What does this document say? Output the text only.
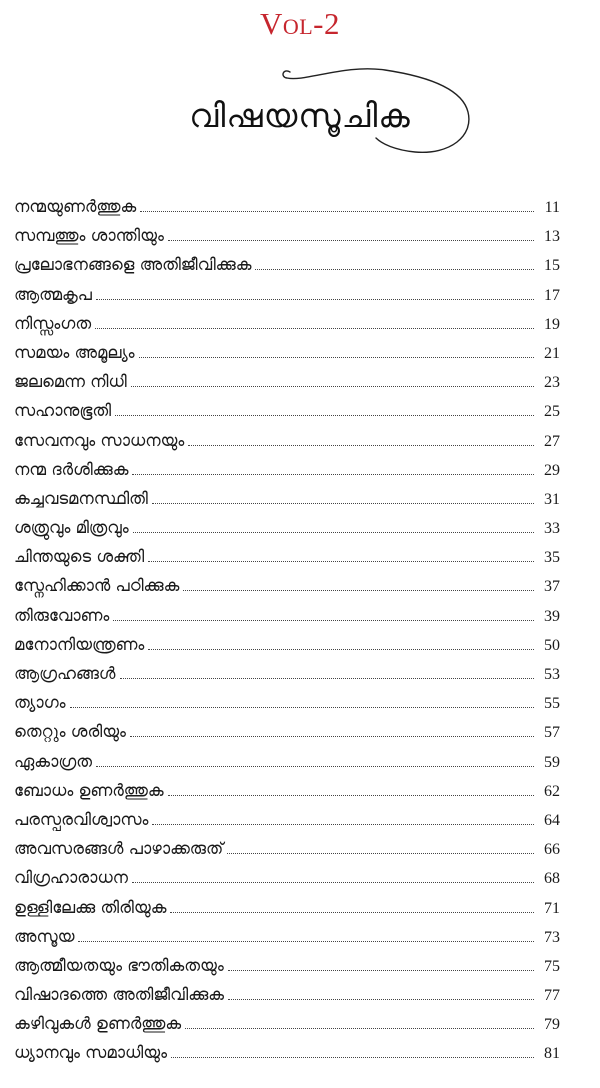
Vol-2
വിഷയസൂചിക
നന്മയുണർത്തുക	11
സമ്പത്തും ശാന്തിയും	13
പ്രലോഭനങ്ങളെ അതിജീവിക്കുക	15
ആത്മകൃപ	17
നിസ്സംഗത	19
സമയം അമൂല്യം	21
ജലമെന്ന നിധി	23
സഹാനുഭൂതി	25
സേവനവും സാധനയും	27
നന്മ ദർശിക്കുക	29
കച്ചവടമനസ്ഥിതി	31
ശത്രുവും മിത്രവും	33
ചിന്തയുടെ ശക്തി	35
സ്നേഹിക്കാൻ പഠിക്കുക	37
തിരുവോണം	39
മനോനിയന്ത്രണം	50
ആഗ്രഹങ്ങൾ	53
ത്യാഗം	55
തെറ്റും ശരിയും	57
ഏകാഗ്രത	59
ബോധം ഉണർത്തുക	62
പരസ്പരവിശ്വാസം	64
അവസരങ്ങൾ പാഴാക്കരുത്	66
വിഗ്രഹാരാധന	68
ഉള്ളിലേക്കു തിരിയുക	71
അസൂയ	73
ആത്മീയതയും ഭൗതികതയും	75
വിഷാദത്തെ അതിജീവിക്കുക	77
കഴിവുകൾ ഉണർത്തുക	79
ധ്യാനവും സമാധിയും	81
